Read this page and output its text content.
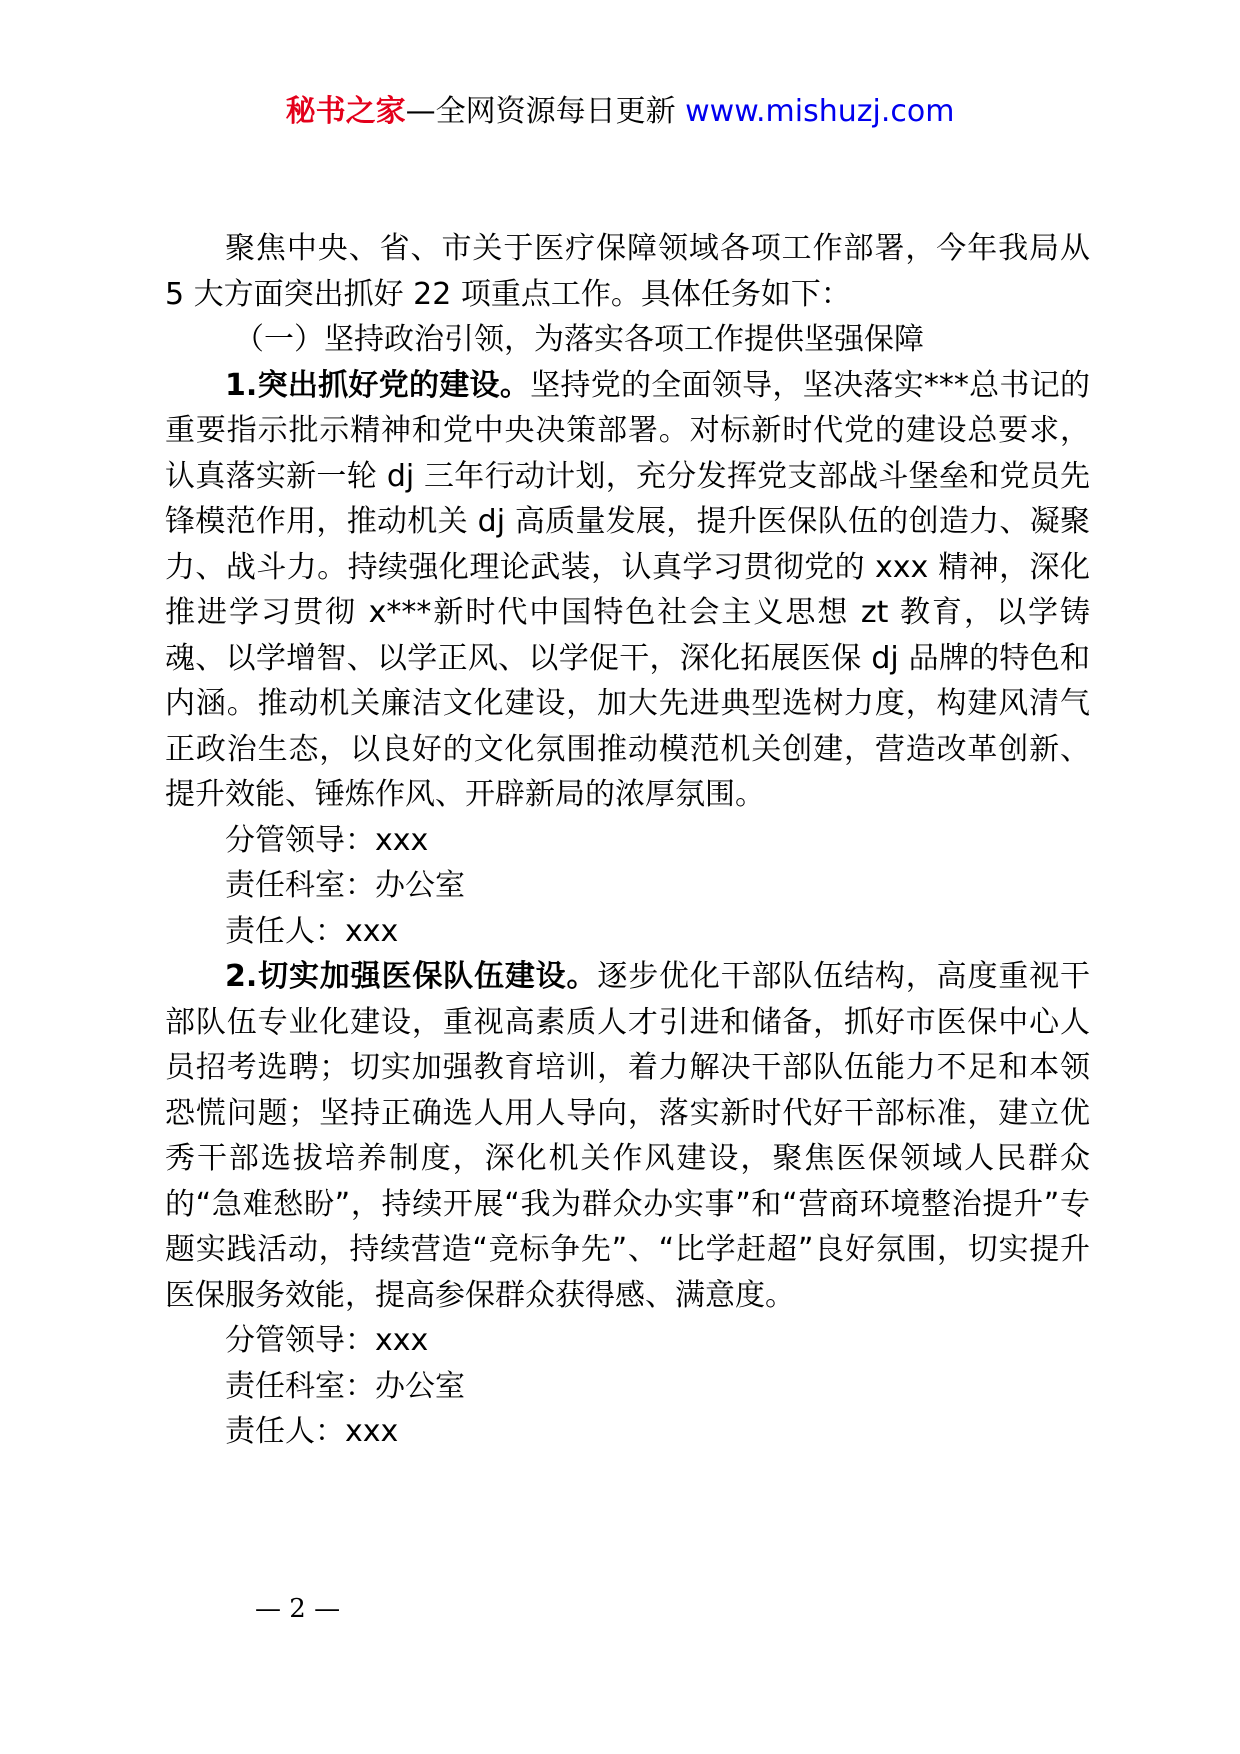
秘书之家—全网资源每日更新 www.mishuzj.com

聚焦中央、省、市关于医疗保障领域各项工作部署，今年我局从 5 大方面突出抓好 22 项重点工作。具体任务如下：

（一）坚持政治引领，为落实各项工作提供坚强保障

1.突出抓好党的建设。坚持党的全面领导，坚决落实***总书记的重要指示批示精神和党中央决策部署。对标新时代党的建设总要求，认真落实新一轮 dj 三年行动计划，充分发挥党支部战斗堡垒和党员先锋模范作用，推动机关 dj 高质量发展，提升医保队伍的创造力、凝聚力、战斗力。持续强化理论武装，认真学习贯彻党的 xxx 精神，深化推进学习贯彻 x***新时代中国特色社会主义思想 zt 教育，以学铸魂、以学增智、以学正风、以学促干，深化拓展医保 dj 品牌的特色和内涵。推动机关廉洁文化建设，加大先进典型选树力度，构建风清气正政治生态，以良好的文化氛围推动模范机关创建，营造改革创新、提升效能、锤炼作风、开辟新局的浓厚氛围。

分管领导：xxx

责任科室：办公室

责任人：xxx

2.切实加强医保队伍建设。逐步优化干部队伍结构，高度重视干部队伍专业化建设，重视高素质人才引进和储备，抓好市医保中心人员招考选聘；切实加强教育培训，着力解决干部队伍能力不足和本领恐慌问题；坚持正确选人用人导向，落实新时代好干部标准，建立优秀干部选拔培养制度，深化机关作风建设，聚焦医保领域人民群众的“急难愁盼”，持续开展“我为群众办实事”和“营商环境整治提升”专题实践活动，持续营造“竞标争先”、“比学赶超”良好氛围，切实提升医保服务效能，提高参保群众获得感、满意度。

分管领导：xxx

责任科室：办公室

责任人：xxx

— 2 —
